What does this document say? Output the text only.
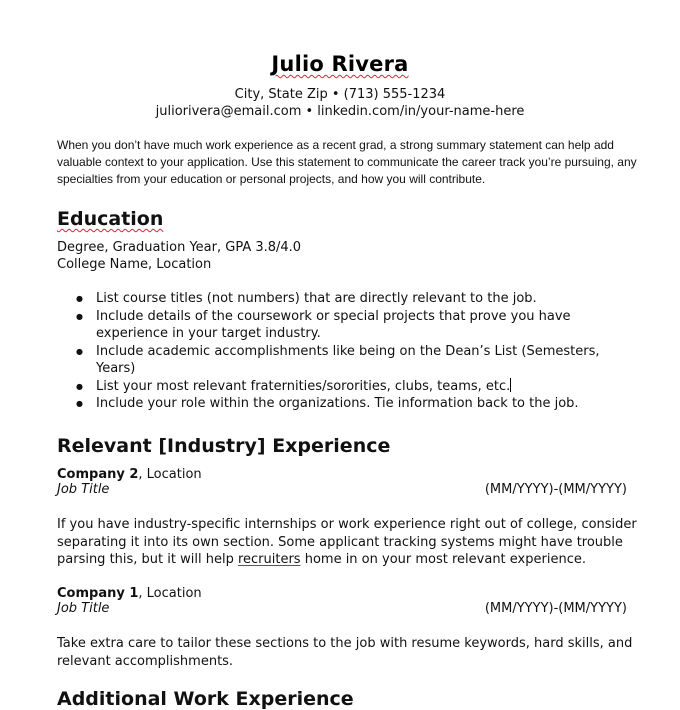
Julio Rivera
City, State Zip • (713) 555-1234
juliorivera@email.com • linkedin.com/in/your-name-here
When you don’t have much work experience as a recent grad, a strong summary statement can help add valuable context to your application. Use this statement to communicate the career track you’re pursuing, any specialties from your education or personal projects, and how you will contribute.
Education
Degree, Graduation Year, GPA 3.8/4.0
College Name, Location
● List course titles (not numbers) that are directly relevant to the job.
● Include details of the coursework or special projects that prove you have experience in your target industry.
● Include academic accomplishments like being on the Dean’s List (Semesters, Years)
● List your most relevant fraternities/sororities, clubs, teams, etc.
● Include your role within the organizations. Tie information back to the job.
Relevant [Industry] Experience
Company 2, Location
Job Title	(MM/YYYY)-(MM/YYYY)
If you have industry-specific internships or work experience right out of college, consider separating it into its own section. Some applicant tracking systems might have trouble parsing this, but it will help recruiters home in on your most relevant experience.
Company 1, Location
Job Title	(MM/YYYY)-(MM/YYYY)
Take extra care to tailor these sections to the job with resume keywords, hard skills, and relevant accomplishments.
Additional Work Experience
